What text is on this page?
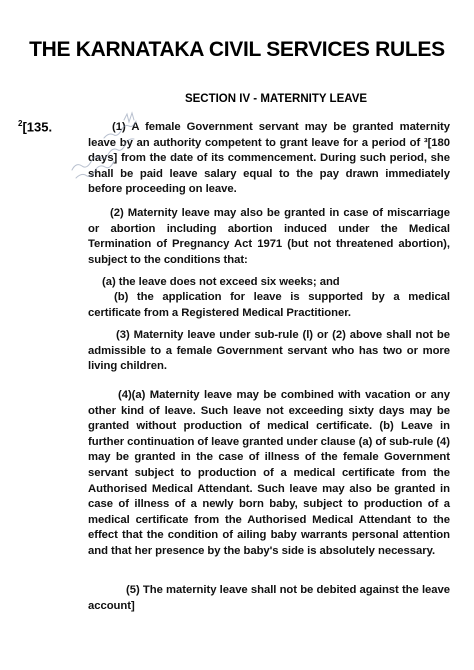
THE KARNATAKA CIVIL SERVICES RULES
SECTION IV - MATERNITY LEAVE
$^2$[135.	(1) A female Government servant may be granted maternity leave by an authority competent to grant leave for a period of ³[180 days] from the date of its commencement. During such period, she shall be paid leave salary equal to the pay drawn immediately before proceeding on leave.
(2) Maternity leave may also be granted in case of miscarriage or abortion including abortion induced under the Medical Termination of Pregnancy Act 1971 (but not threatened abortion), subject to the conditions that:
(a) the leave does not exceed six weeks; and
(b) the application for leave is supported by a medical certificate from a Registered Medical Practitioner.
(3) Maternity leave under sub-rule (l) or (2) above shall not be admissible to a female Government servant who has two or more living children.
(4)(a) Maternity leave may be combined with vacation or any other kind of leave. Such leave not exceeding sixty days may be granted without production of medical certificate. (b) Leave in further continuation of leave granted under clause (a) of sub-rule (4) may be granted in the case of illness of the female Government servant subject to production of a medical certificate from the Authorised Medical Attendant. Such leave may also be granted in case of illness of a newly born baby, subject to production of a medical certificate from the Authorised Medical Attendant to the effect that the condition of ailing baby warrants personal attention and that her presence by the baby's side is absolutely necessary.
(5) The maternity leave shall not be debited against the leave account]
